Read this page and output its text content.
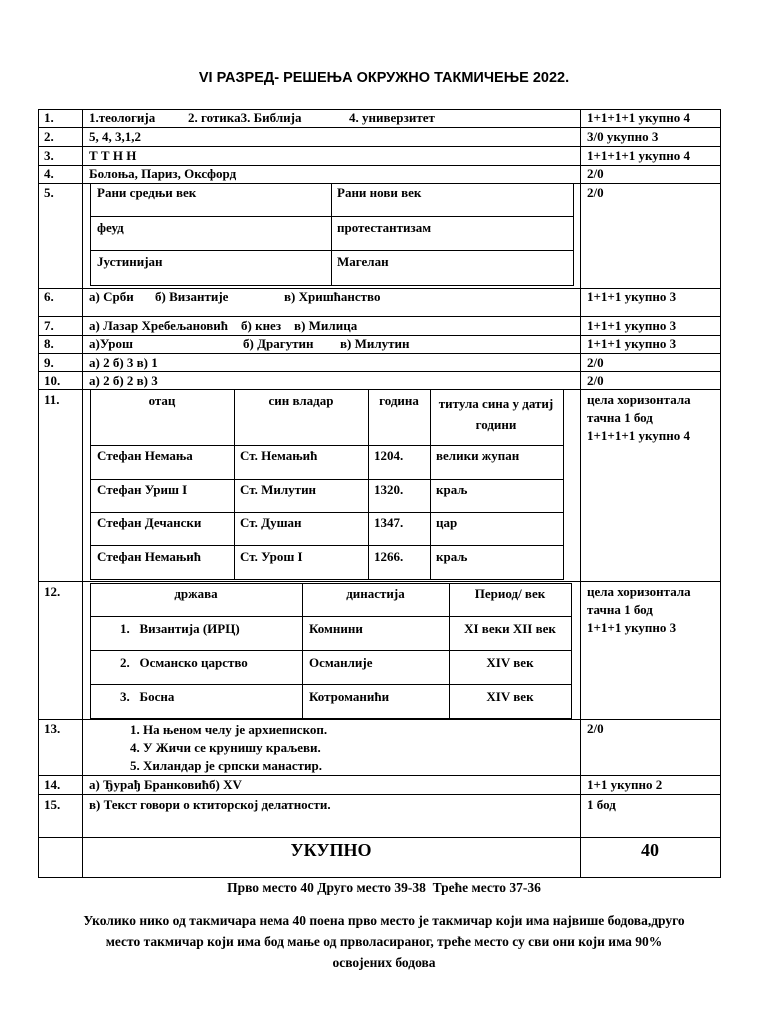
VI РАЗРЕД- РЕШЕЊА ОКРУЖНО ТАКМИЧЕЊЕ 2022.
1.	1.теологија	2. готика3. Библија	4. универзитет	1+1+1+1 укупно 4
2.	5, 4, 3,1,2	3/0 укупно 3
3.	Т Т Н Н	1+1+1+1 укупно 4
4.	Болоња, Париз, Оксфорд	2/0
5.	2/0
Рани средњи век	Рани нови век
феуд	протестантизам
Јустинијан	Магелан
6.	а) Срби б) Византије	в) Хришћанство	1+1+1 укупно 3
7.	а) Лазар Хребељановић    б) кнез    в) Милица	1+1+1 укупно 3
8.	а)Урош	б) Драгутин в) Милутин	1+1+1 укупно 3
9.	а) 2 б) 3 в) 1	2/0
10. а) 2 б) 2 в) 3	2/0
11.	цела хоризонтала
тачна 1 бод
1+1+1+1 укупно 4
отац	син владар	година	титула сина у датиј години
Стефан Немања	Ст. Немањић	1204.	велики жупан
Стефан Уриш I	Ст. Милутин	1320.	краљ
Стефан Дечански	Ст. Душан	1347.	цар
Стефан Немањић	Ст. Урош I	1266.	краљ
12.	цела хоризонтала
тачна 1 бод
1+1+1 укупно 3
држава	династија	Период/ век
1.   Византија (ИРЦ)	Комнини	XI веки XII век
2.   Османско царство	Османлије	XIV век
3.   Босна	Котроманићи	XIV век
13.	1. На њеном челу је архиепископ.
4. У Жичи се крунишу краљеви.
5. Хиландар је српски манастир.
2/0
14. а) Ђурађ Бранковићб) XV	1+1 укупно 2
15. в) Текст говори о ктиторској делатности.	1 бод
УКУПНО	40
Прво место 40 Друго место 39-38  Треће место 37-36
Уколико нико од такмичара нема 40 поена прво место је такмичар који има највише бодова,друго
место такмичар који има бод мање од прволасираног, треће место су сви они који има 90%
освојених бодова
